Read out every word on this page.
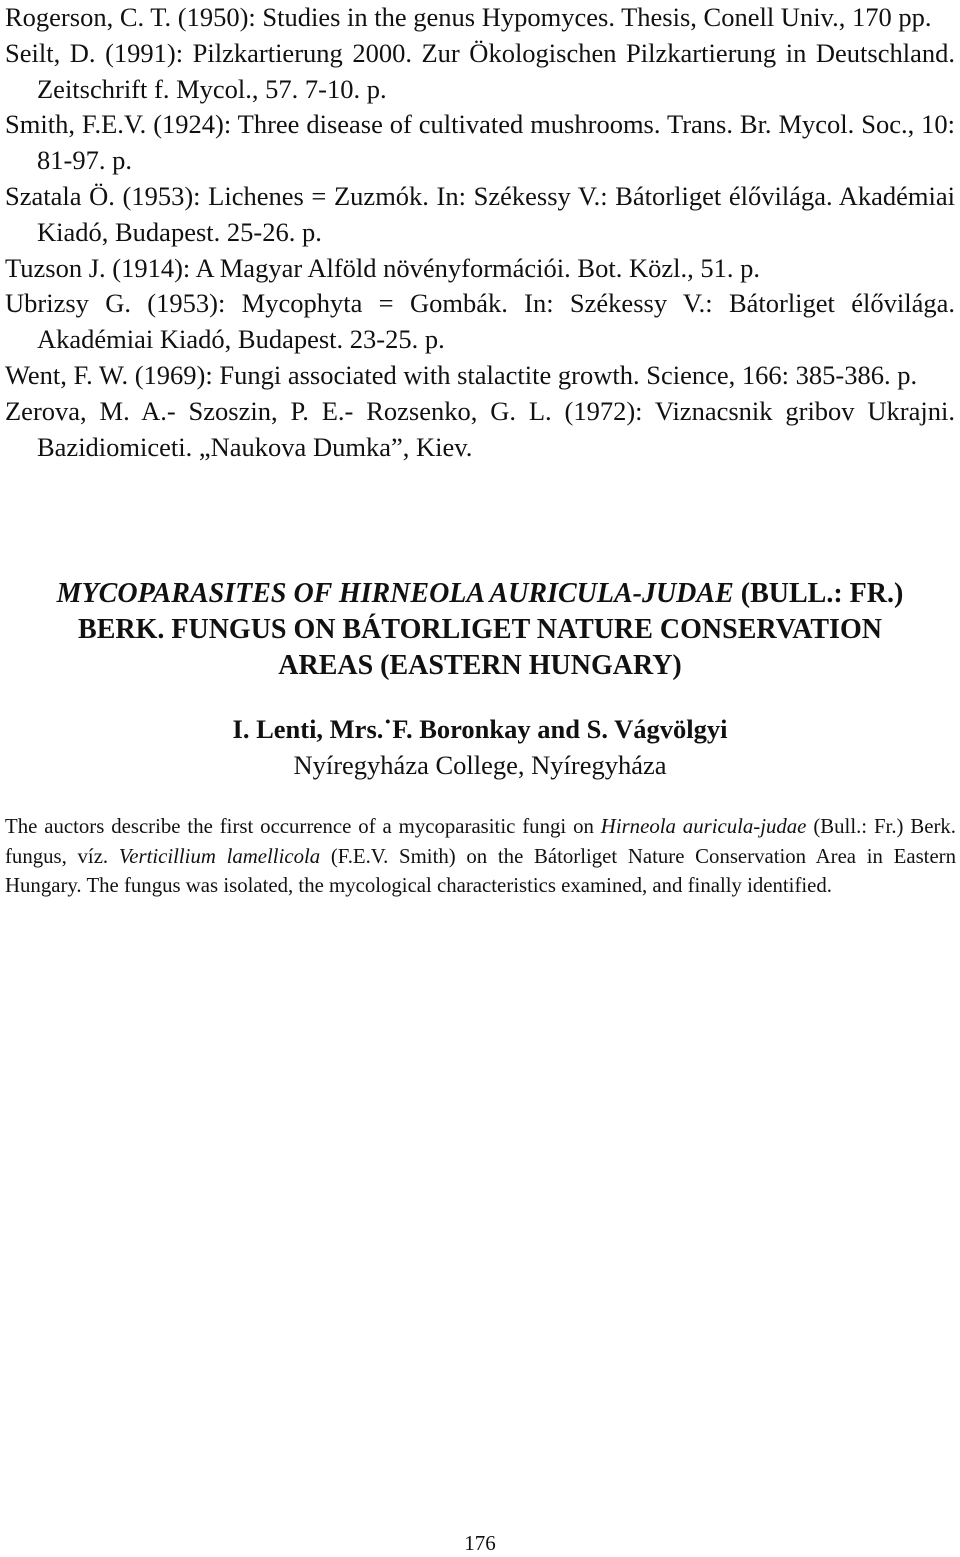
Rogerson, C. T. (1950): Studies in the genus Hypomyces. Thesis, Conell Univ., 170 pp.
Seilt, D. (1991): Pilzkartierung 2000. Zur Ökologischen Pilzkartierung in Deutschland. Zeitschrift f. Mycol., 57. 7-10. p.
Smith, F.E.V. (1924): Three disease of cultivated mushrooms. Trans. Br. Mycol. Soc., 10: 81-97. p.
Szatala Ö. (1953): Lichenes = Zuzmók. In: Székessy V.: Bátorliget élővilága. Akadémiai Kiadó, Budapest. 25-26. p.
Tuzson J. (1914): A Magyar Alföld növényformációi. Bot. Közl., 51. p.
Ubrizsy G. (1953): Mycophyta = Gombák. In: Székessy V.: Bátorliget élővilága. Akadémiai Kiadó, Budapest. 23-25. p.
Went, F. W. (1969): Fungi associated with stalactite growth. Science, 166: 385-386. p.
Zerova, M. A.- Szoszin, P. E.- Rozsenko, G. L. (1972): Viznacsnik gribov Ukrajni. Bazidiomiceti. „Naukova Dumka”, Kiev.
MYCOPARASITES OF HIRNEOLA AURICULA-JUDAE (BULL.: FR.)
BERK. FUNGUS ON BÁTORLIGET NATURE CONSERVATION
AREAS (EASTERN HUNGARY)
I. Lenti, Mrs.˙F. Boronkay and S. Vágvölgyi
Nyíregyháza College, Nyíregyháza
The auctors describe the first occurrence of a mycoparasitic fungi on Hirneola auricula-judae (Bull.: Fr.) Berk. fungus, víz. Verticillium lamellicola (F.E.V. Smith) on the Bátorliget Nature Conservation Area in Eastern Hungary. The fungus was isolated, the mycological characteristics examined, and finally identified.
176
